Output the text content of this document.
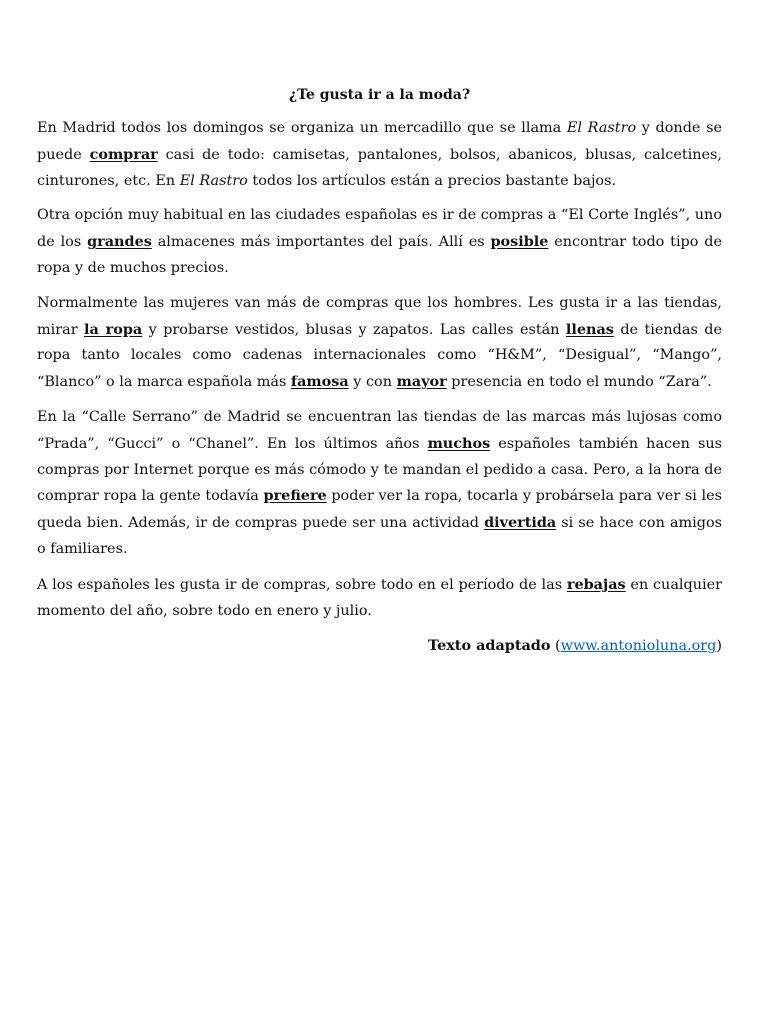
¿Te gusta ir a la moda?

En Madrid todos los domingos se organiza un mercadillo que se llama El Rastro y donde se puede comprar casi de todo: camisetas, pantalones, bolsos, abanicos, blusas, calcetines, cinturones, etc. En El Rastro todos los artículos están a precios bastante bajos.

Otra opción muy habitual en las ciudades españolas es ir de compras a “El Corte Inglés”, uno de los grandes almacenes más importantes del país. Allí es posible encontrar todo tipo de ropa y de muchos precios.

Normalmente las mujeres van más de compras que los hombres. Les gusta ir a las tiendas, mirar la ropa y probarse vestidos, blusas y zapatos. Las calles están llenas de tiendas de ropa tanto locales como cadenas internacionales como “H&M”, “Desigual”, “Mango”, “Blanco” o la marca española más famosa y con mayor presencia en todo el mundo “Zara”.

En la “Calle Serrano” de Madrid se encuentran las tiendas de las marcas más lujosas como “Prada”, “Gucci” o “Chanel”. En los últimos años muchos españoles también hacen sus compras por Internet porque es más cómodo y te mandan el pedido a casa. Pero, a la hora de comprar ropa la gente todavía prefiere poder ver la ropa, tocarla y probársela para ver si les queda bien. Además, ir de compras puede ser una actividad divertida si se hace con amigos o familiares.

A los españoles les gusta ir de compras, sobre todo en el período de las rebajas en cualquier momento del año, sobre todo en enero y julio.

Texto adaptado (www.antonioluna.org)
